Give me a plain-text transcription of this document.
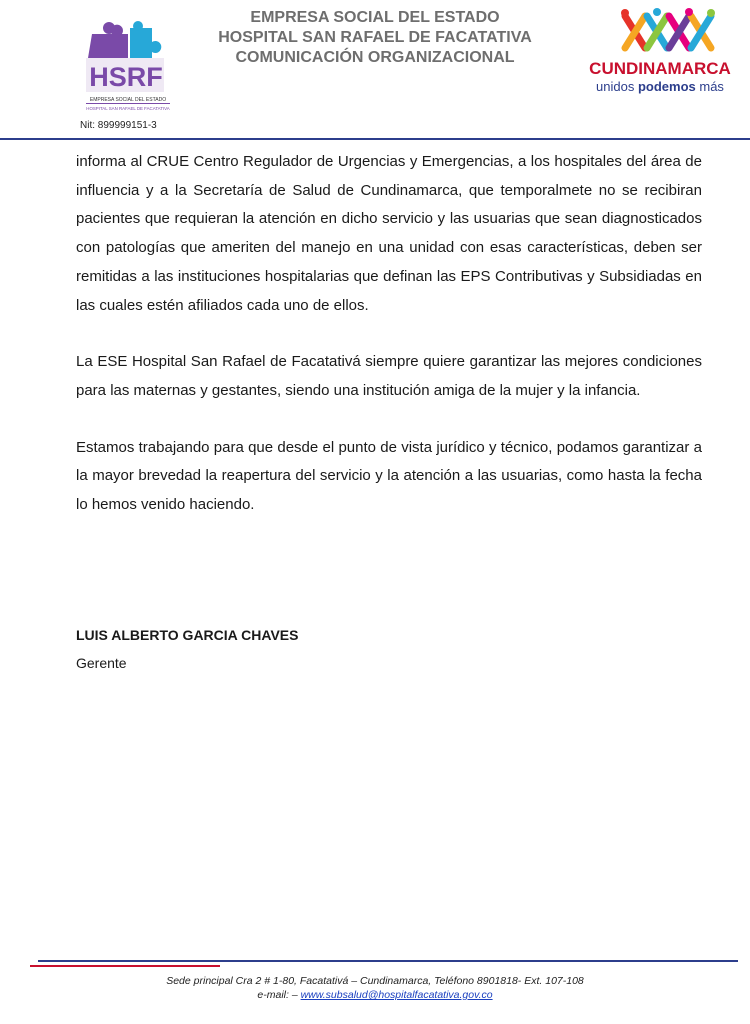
HSRF
EMPRESA SOCIAL DEL ESTADO
HOSPITAL SAN RAFAEL DE FACATATIVA
Nit: 899999151-3
EMPRESA SOCIAL DEL ESTADO
HOSPITAL SAN RAFAEL DE FACATATIVA
COMUNICACIÓN ORGANIZACIONAL
CUNDINAMARCA
unidos podemos más

informa al CRUE Centro Regulador de Urgencias y Emergencias, a los hospitales del área de influencia y a la Secretaría de Salud de Cundinamarca, que temporalmete no se recibiran pacientes que requieran la atención en dicho servicio y las usuarias que sean diagnosticados con patologías que ameriten del manejo en una unidad con esas características, deben ser remitidas a las instituciones hospitalarias que definan las EPS Contributivas y Subsidiadas en las cuales estén afiliados cada uno de ellos.

La ESE Hospital San Rafael de Facatativá siempre quiere garantizar las mejores condiciones para las maternas y gestantes, siendo una institución amiga de la mujer y la infancia.

Estamos trabajando para que desde el punto de vista jurídico y técnico, podamos garantizar a la mayor brevedad la reapertura del servicio y la atención a las usuarias, como hasta la fecha lo hemos venido haciendo.

LUIS ALBERTO GARCIA CHAVES
Gerente
Sede principal Cra 2 # 1-80, Facatativá – Cundinamarca, Teléfono 8901818- Ext. 107-108
e-mail: – www.subsalud@hospitalfacatativa.gov.co
